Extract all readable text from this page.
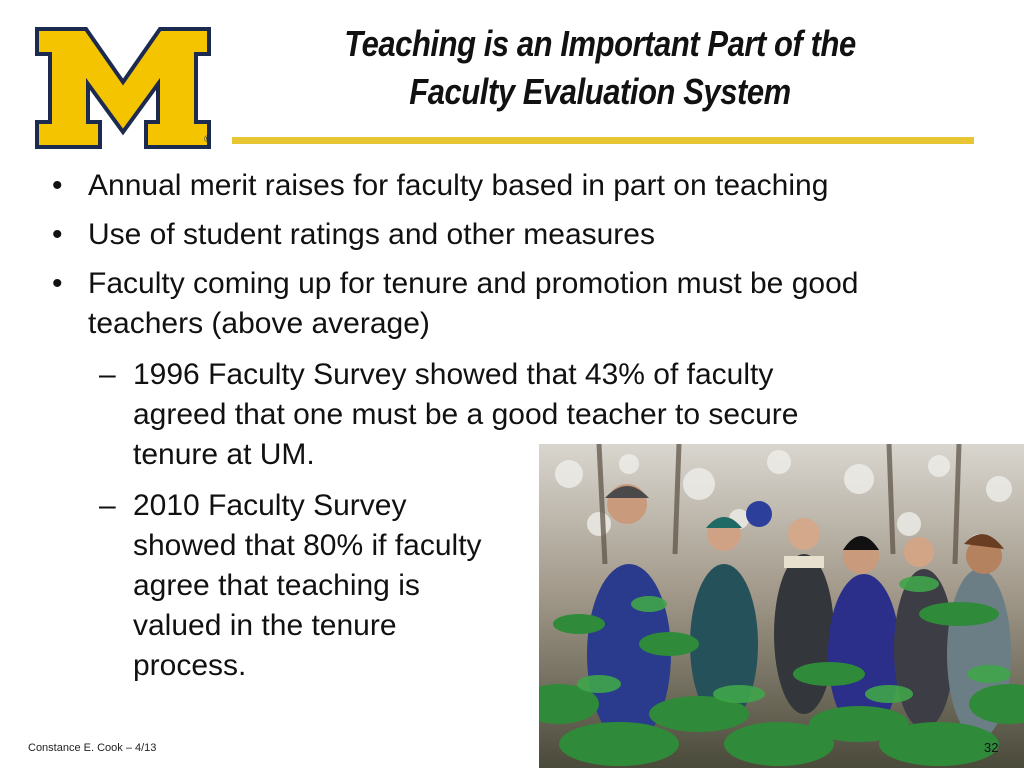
®
Teaching is an Important Part of the
Faculty Evaluation System
• Annual merit raises for faculty based in part on teaching
• Use of student ratings and other measures
• Faculty coming up for tenure and promotion must be good
teachers (above average)
– 1996 Faculty Survey showed that 43% of faculty
agreed that one must be a good teacher to secure
tenure at UM.
– 2010 Faculty Survey
showed that 80% if faculty
agree that teaching is
valued in the tenure
process.
Constance E. Cook – 4/13	32
